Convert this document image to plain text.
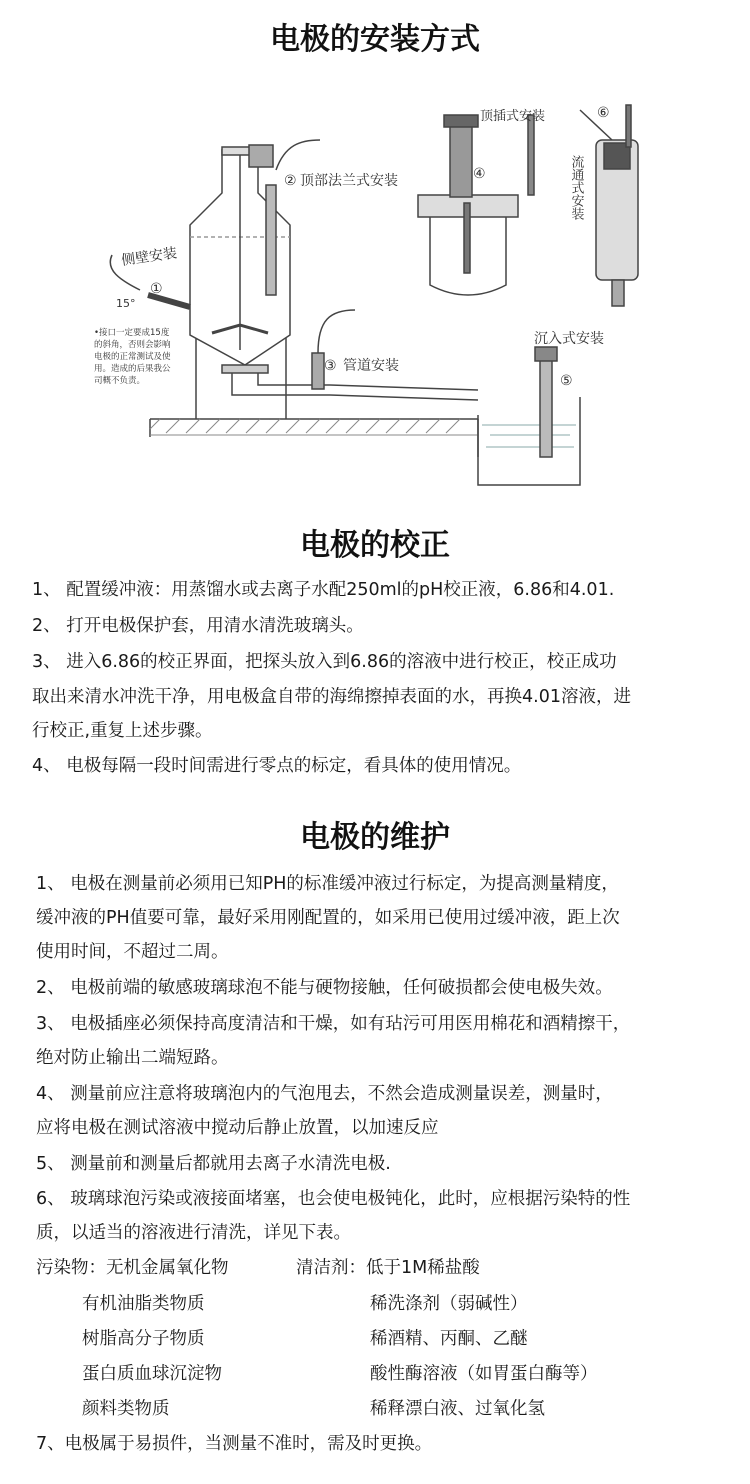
电极的安装方式
侧壁安装
①
15°
② 顶部法兰式安装
③ 管道安装
④
顶插式安装
⑤
沉入式安装
⑥
流通式安装
•接口一定要成15度
的斜角，否则会影响
电极的正常测试及使
用。造成的后果我公
司概不负责。
电极的校正
1、 配置缓冲液：用蒸馏水或去离子水配250ml的pH校正液，6.86和4.01.
2、 打开电极保护套，用清水清洗玻璃头。
3、 进入6.86的校正界面，把探头放入到6.86的溶液中进行校正，校正成功
取出来清水冲洗干净，用电极盒自带的海绵擦掉表面的水，再换4.01溶液，进
行校正,重复上述步骤。
4、 电极每隔一段时间需进行零点的标定，看具体的使用情况。
电极的维护
1、 电极在测量前必须用已知PH的标准缓冲液过行标定，为提高测量精度，
缓冲液的PH值要可靠，最好采用刚配置的，如采用已使用过缓冲液，距上次
使用时间，不超过二周。
2、 电极前端的敏感玻璃球泡不能与硬物接触，任何破损都会使电极失效。
3、 电极插座必须保持高度清洁和干燥，如有玷污可用医用棉花和酒精擦干，
绝对防止输出二端短路。
4、 测量前应注意将玻璃泡内的气泡甩去，不然会造成测量误差，测量时，
应将电极在测试溶液中搅动后静止放置，以加速反应
5、 测量前和测量后都就用去离子水清洗电极.
6、 玻璃球泡污染或液接面堵塞，也会使电极钝化，此时，应根据污染特的性
质，以适当的溶液进行清洗，详见下表。
污染物：无机金属氧化物	清洁剂：低于1M稀盐酸
有机油脂类物质	稀洗涤剂（弱碱性）
树脂高分子物质	稀酒精、丙酮、乙醚
蛋白质血球沉淀物	酸性酶溶液（如胃蛋白酶等）
颜料类物质	稀释漂白液、过氧化氢
7、电极属于易损件，当测量不准时，需及时更换。
